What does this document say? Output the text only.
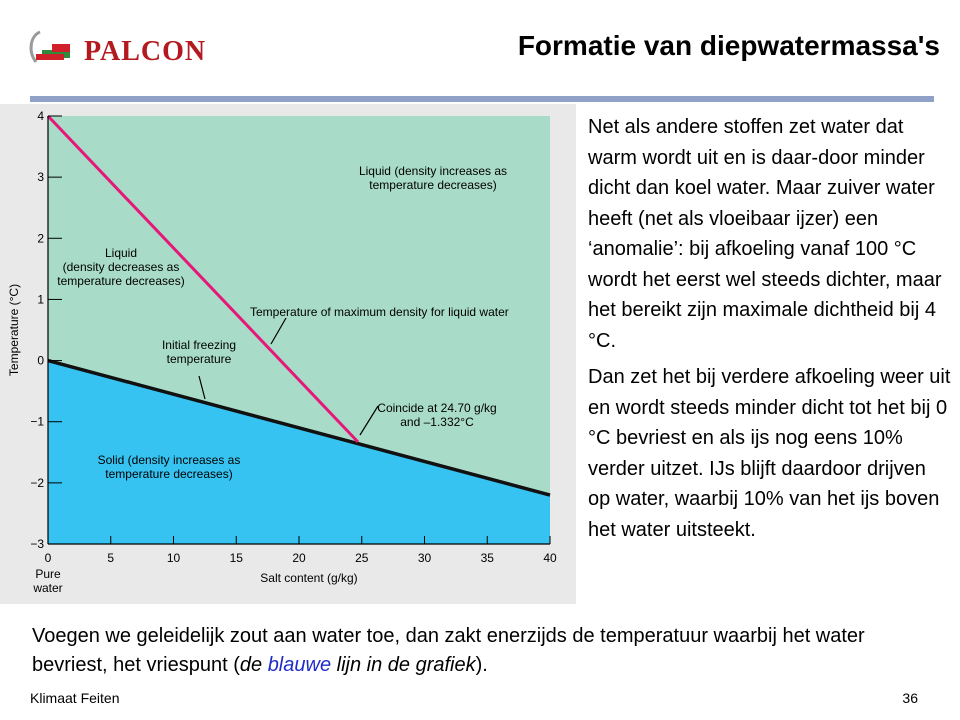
PALCON	Formatie van diepwatermassa's
0	5	10	15	20	25	30	35	40
4
3
2
1
0
−1
−2
−3
Pure
water
Salt content (g/kg)
Temperature (°C)
Liquid (density increases as
temperature decreases)
Liquid
(density decreases as
temperature decreases)
Temperature of maximum density for liquid water
Initial freezing
temperature
Coincide at 24.70 g/kg
and –1.332°C
Solid (density increases as
temperature decreases)

Net als andere stoffen zet water dat warm wordt uit en is daar-door minder dicht dan koel water. Maar zuiver water heeft (net als vloeibaar ijzer) een ‘anomalie’: bij afkoeling vanaf 100 °C wordt het eerst wel steeds dichter, maar het bereikt zijn maximale dichtheid bij 4 °C.

Dan zet het bij verdere afkoeling weer uit en wordt steeds minder dicht tot het bij 0 °C bevriest en als ijs nog eens 10% verder uitzet. IJs blijft daardoor drijven op water, waarbij 10% van het ijs boven het water uitsteekt.

Voegen we geleidelijk zout aan water toe, dan zakt enerzijds de temperatuur waarbij het water bevriest, het vriespunt (de blauwe lijn in de grafiek).
Klimaat Feiten	36
